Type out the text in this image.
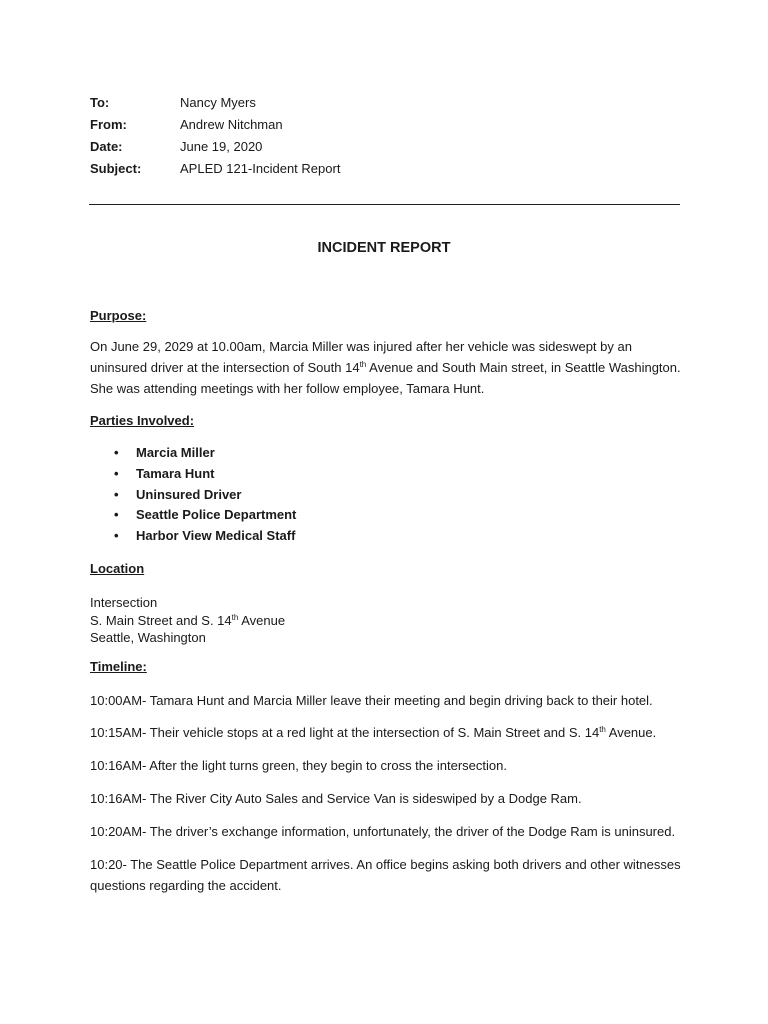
To:	Nancy Myers
From:	Andrew Nitchman
Date:	June 19, 2020
Subject:	APLED 121-Incident Report
INCIDENT REPORT
Purpose:
On June 29, 2029 at 10.00am, Marcia Miller was injured after her vehicle was sideswept by an uninsured driver at the intersection of South 14th Avenue and South Main street, in Seattle Washington. She was attending meetings with her follow employee, Tamara Hunt.
Parties Involved:
• Marcia Miller
• Tamara Hunt
• Uninsured Driver
• Seattle Police Department
• Harbor View Medical Staff
Location
Intersection
S. Main Street and S. 14th Avenue
Seattle, Washington
Timeline:
10:00AM- Tamara Hunt and Marcia Miller leave their meeting and begin driving back to their hotel.
10:15AM- Their vehicle stops at a red light at the intersection of S. Main Street and S. 14th Avenue.
10:16AM- After the light turns green, they begin to cross the intersection.
10:16AM- The River City Auto Sales and Service Van is sideswiped by a Dodge Ram.
10:20AM- The driver’s exchange information, unfortunately, the driver of the Dodge Ram is uninsured.
10:20- The Seattle Police Department arrives. An office begins asking both drivers and other witnesses questions regarding the accident.
